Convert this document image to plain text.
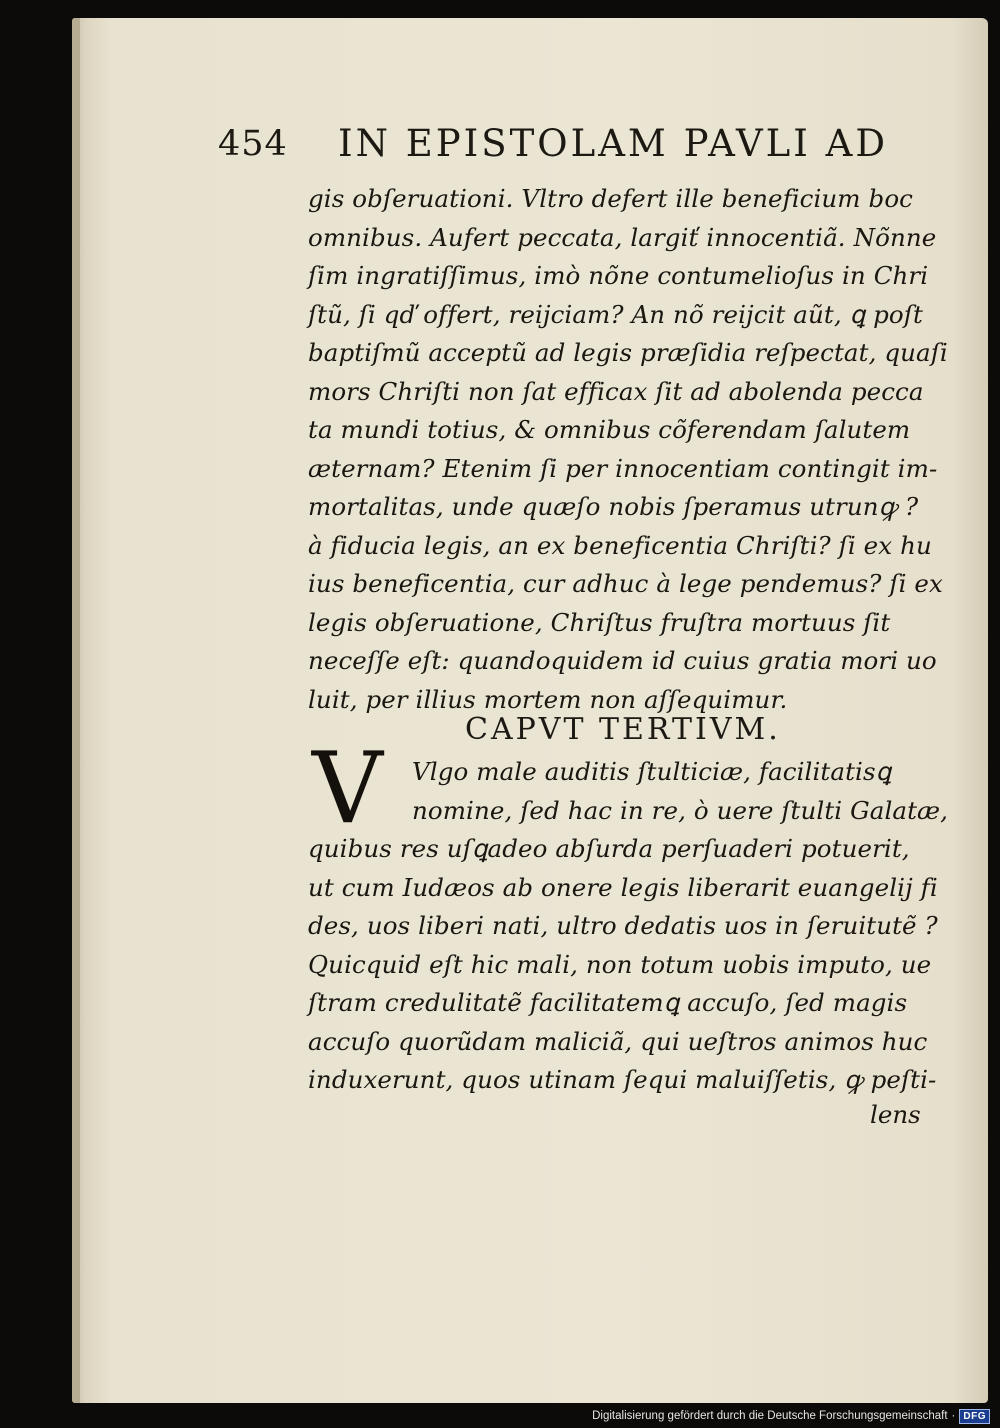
454 IN EPISTOLAM PAVLI AD
gis obſeruationi. Vltro defert ille beneficium boc
omnibus. Aufert peccata, largiť innocentiã. Nõnne
ſim ingratiſſimus, imò nõne contumelioſus in Chri
ſtũ, ſi qď offert, reijciam? An nõ reijcit aũt, ꝗ poſt
baptiſmũ acceptũ ad legis præſidia reſpectat, quaſi
mors Chriſti non ſat efficax ſit ad abolenda pecca
ta mundi totius, & omnibus cõferendam ſalutem
æternam? Etenim ſi per innocentiam contingit im-
mortalitas, unde quæſo nobis ſperamus utrunꝙ ?
à fiducia legis, an ex beneficentia Chriſti? ſi ex hu
ius beneficentia, cur adhuc à lege pendemus? ſi ex
legis obſeruatione, Chriſtus fruſtra mortuus ſit
neceſſe eſt: quandoquidem id cuius gratia mori uo
luit, per illius mortem non aſſequimur.
CAPVT TERTIVM.
V	Vlgo male auditis ſtulticiæ, facilitatisꝗ
nomine, ſed hac in re, ò uere ſtulti Galatæ,
quibus res uſꝗadeo abſurda perſuaderi potuerit,
ut cum Iudæos ab onere legis liberarit euangelij fi
des, uos liberi nati, ultro dedatis uos in ſeruitutẽ ?
Quicquid eſt hic mali, non totum uobis imputo, ue
ſtram credulitatẽ facilitatemꝗ accuſo, ſed magis
accuſo quorũdam maliciã, qui ueſtros animos huc
induxerunt, quos utinam ſequi maluiſſetis, ꝙ peſti-
lens
Digitalisierung gefördert durch die Deutsche Forschungsgemeinschaft · DFG
